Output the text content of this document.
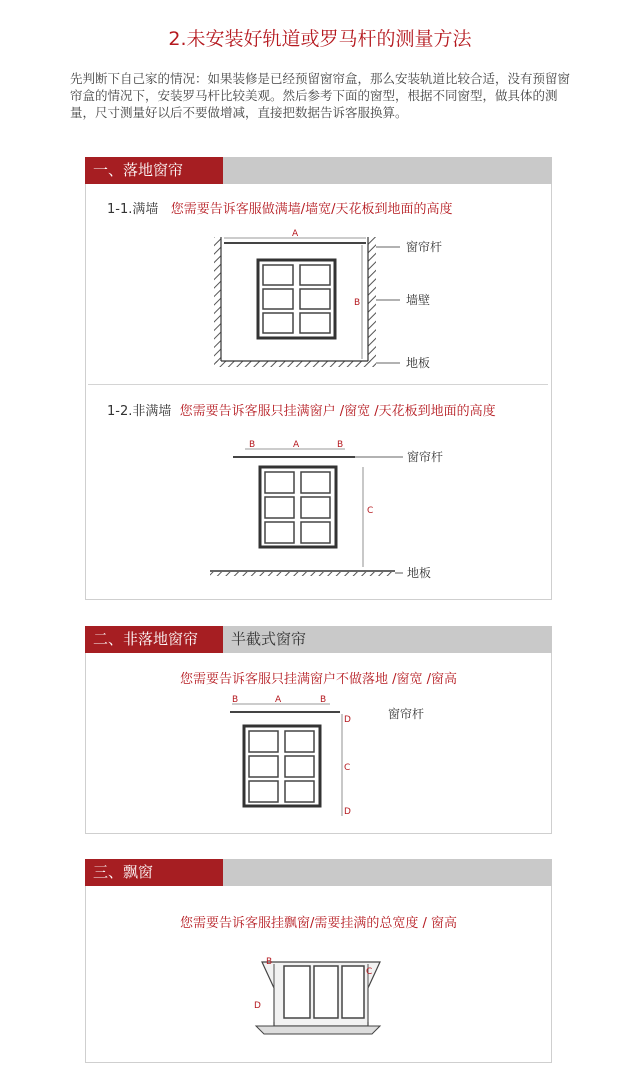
2.未安装好轨道或罗马杆的测量方法
先判断下自己家的情况：如果装修是已经预留窗帘盒，那么安装轨道比较合适，没有预留窗帘盒的情况下，安装罗马杆比较美观。然后参考下面的窗型，根据不同窗型，做具体的测量，尺寸测量好以后不要做增减，直接把数据告诉客服换算。
一、落地窗帘
1-1.满墙 您需要告诉客服做满墙/墙宽/天花板到地面的高度
A
B
窗帘杆
墙壁
地板
1-2.非满墙 您需要告诉客服只挂满窗户 /窗宽 /天花板到地面的高度
B	A	B
C
窗帘杆
地板
二、非落地窗帘	半截式窗帘
您需要告诉客服只挂满窗户不做落地 /窗宽 /窗高
B	A	B
D
C
D
窗帘杆
三、飘窗
您需要告诉客服挂飘窗/需要挂满的总宽度 / 窗高
B
C
D
